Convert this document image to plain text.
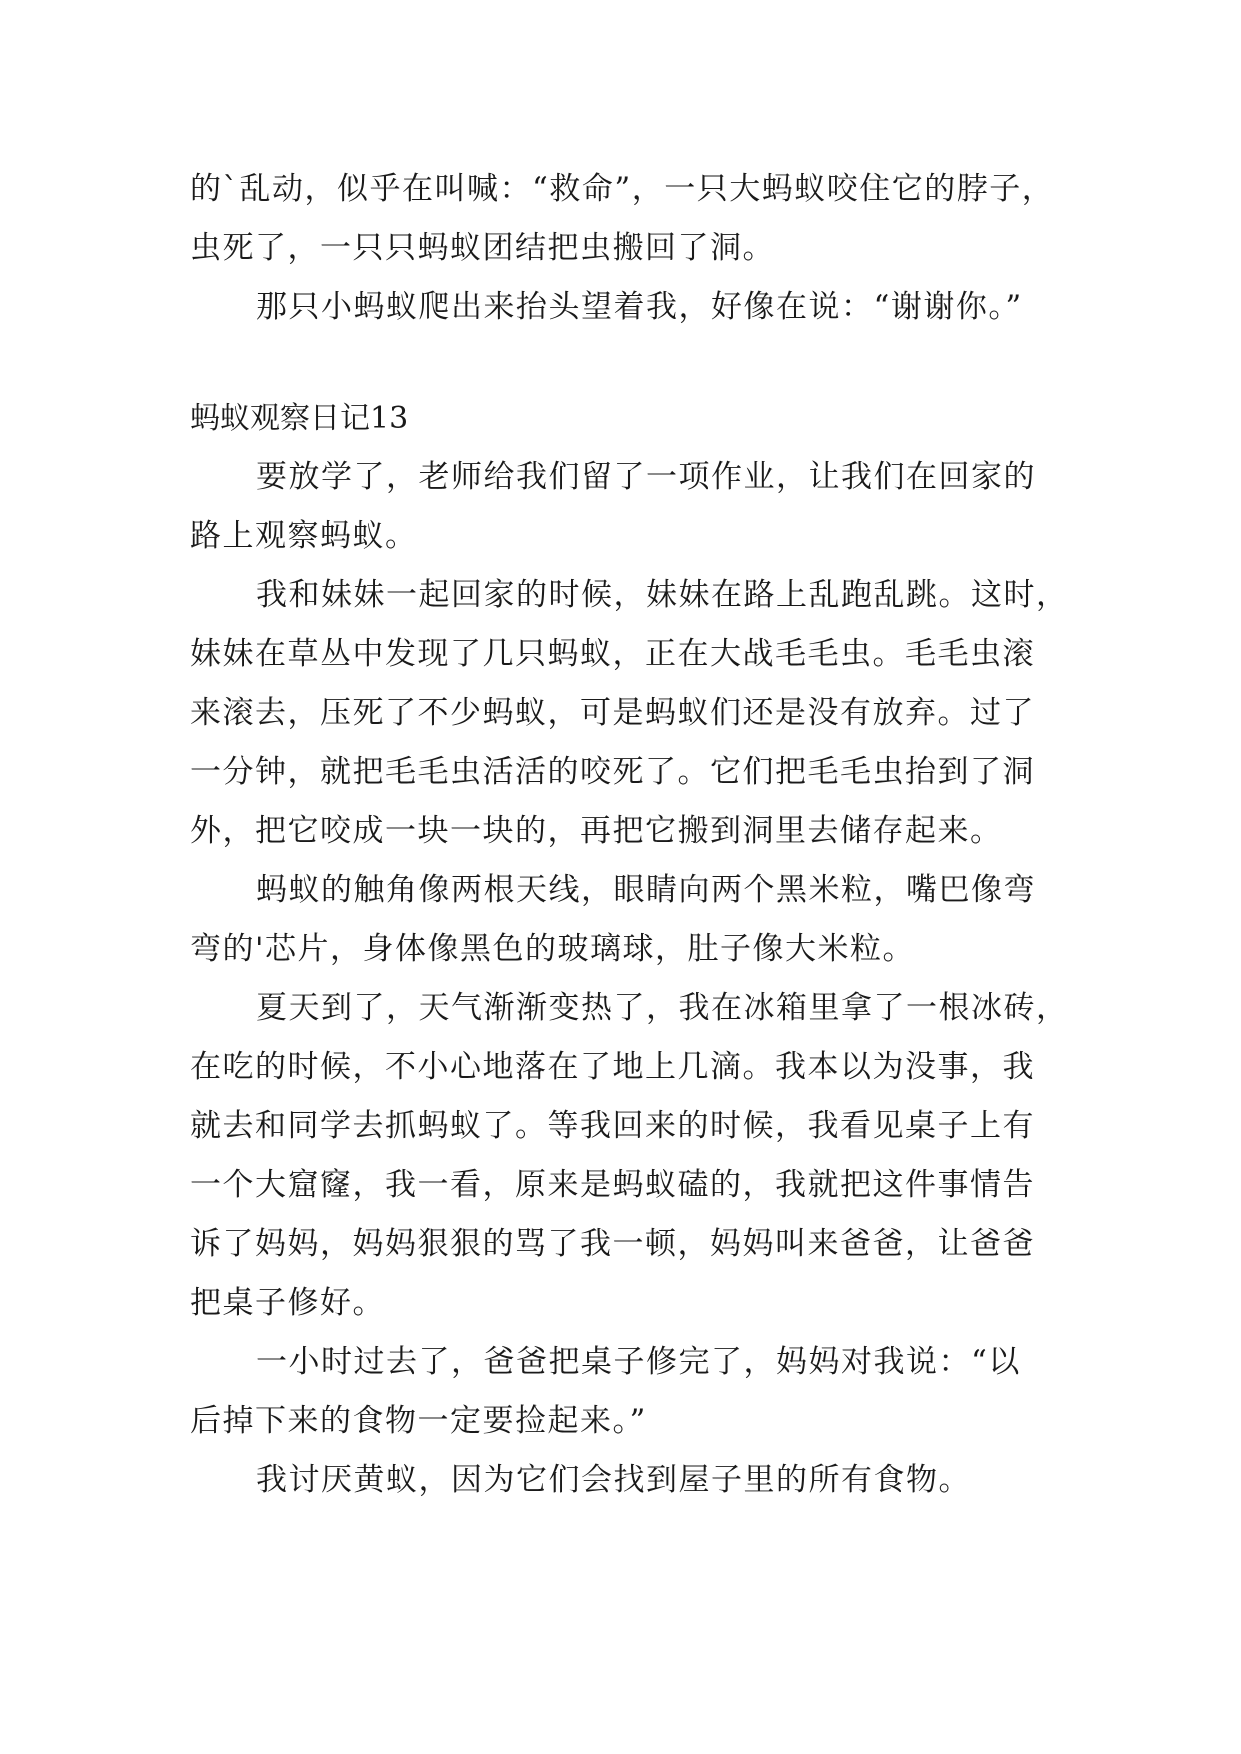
的`乱动，似乎在叫喊：“救命”，一只大蚂蚁咬住它的脖子，
虫死了，一只只蚂蚁团结把虫搬回了洞。
那只小蚂蚁爬出来抬头望着我，好像在说：“谢谢你。”
蚂蚁观察日记13
要放学了，老师给我们留了一项作业，让我们在回家的
路上观察蚂蚁。
我和妹妹一起回家的时候，妹妹在路上乱跑乱跳。这时，
妹妹在草丛中发现了几只蚂蚁，正在大战毛毛虫。毛毛虫滚
来滚去，压死了不少蚂蚁，可是蚂蚁们还是没有放弃。过了
一分钟，就把毛毛虫活活的咬死了。它们把毛毛虫抬到了洞
外，把它咬成一块一块的，再把它搬到洞里去储存起来。
蚂蚁的触角像两根天线，眼睛向两个黑米粒，嘴巴像弯
弯的'芯片，身体像黑色的玻璃球，肚子像大米粒。
夏天到了，天气渐渐变热了，我在冰箱里拿了一根冰砖，
在吃的时候，不小心地落在了地上几滴。我本以为没事，我
就去和同学去抓蚂蚁了。等我回来的时候，我看见桌子上有
一个大窟窿，我一看，原来是蚂蚁磕的，我就把这件事情告
诉了妈妈，妈妈狠狠的骂了我一顿，妈妈叫来爸爸，让爸爸
把桌子修好。
一小时过去了，爸爸把桌子修完了，妈妈对我说：“以
后掉下来的食物一定要捡起来。”
我讨厌黄蚁，因为它们会找到屋子里的所有食物。
